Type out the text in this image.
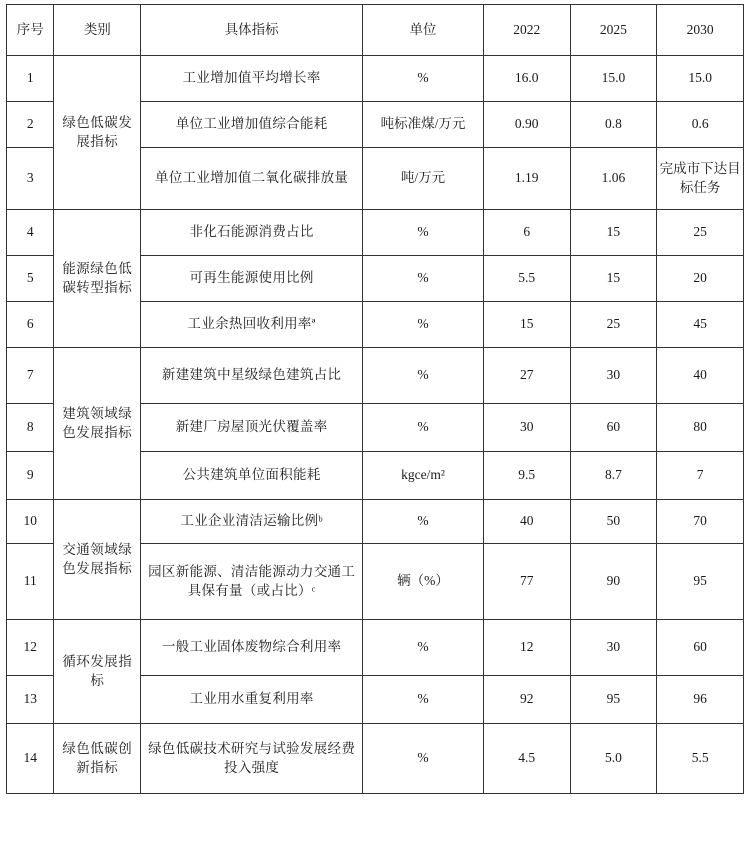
序号	类别	具体指标	单位	2022	2025	2030
1	绿色低碳发展指标	工业增加值平均增长率	%	16.0	15.0	15.0
2		单位工业增加值综合能耗	吨标准煤/万元	0.90	0.8	0.6
3		单位工业增加值二氧化碳排放量	吨/万元	1.19	1.06	完成市下达目标任务
4	能源绿色低碳转型指标	非化石能源消费占比	%	6	15	25
5		可再生能源使用比例	%	5.5	15	20
6		工业余热回收利用率ª	%	15	25	45
7	建筑领域绿色发展指标	新建建筑中星级绿色建筑占比	%	27	30	40
8		新建厂房屋顶光伏覆盖率	%	30	60	80
9		公共建筑单位面积能耗	kgce/m²	9.5	8.7	7
10	交通领域绿色发展指标	工业企业清洁运输比例ᵇ	%	40	50	70
11		园区新能源、清洁能源动力交通工具保有量（或占比）ᶜ	辆（%）	77	90	95
12	循环发展指标	一般工业固体废物综合利用率	%	12	30	60
13		工业用水重复利用率	%	92	95	96
14	绿色低碳创新指标	绿色低碳技术研究与试验发展经费投入强度	%	4.5	5.0	5.5
